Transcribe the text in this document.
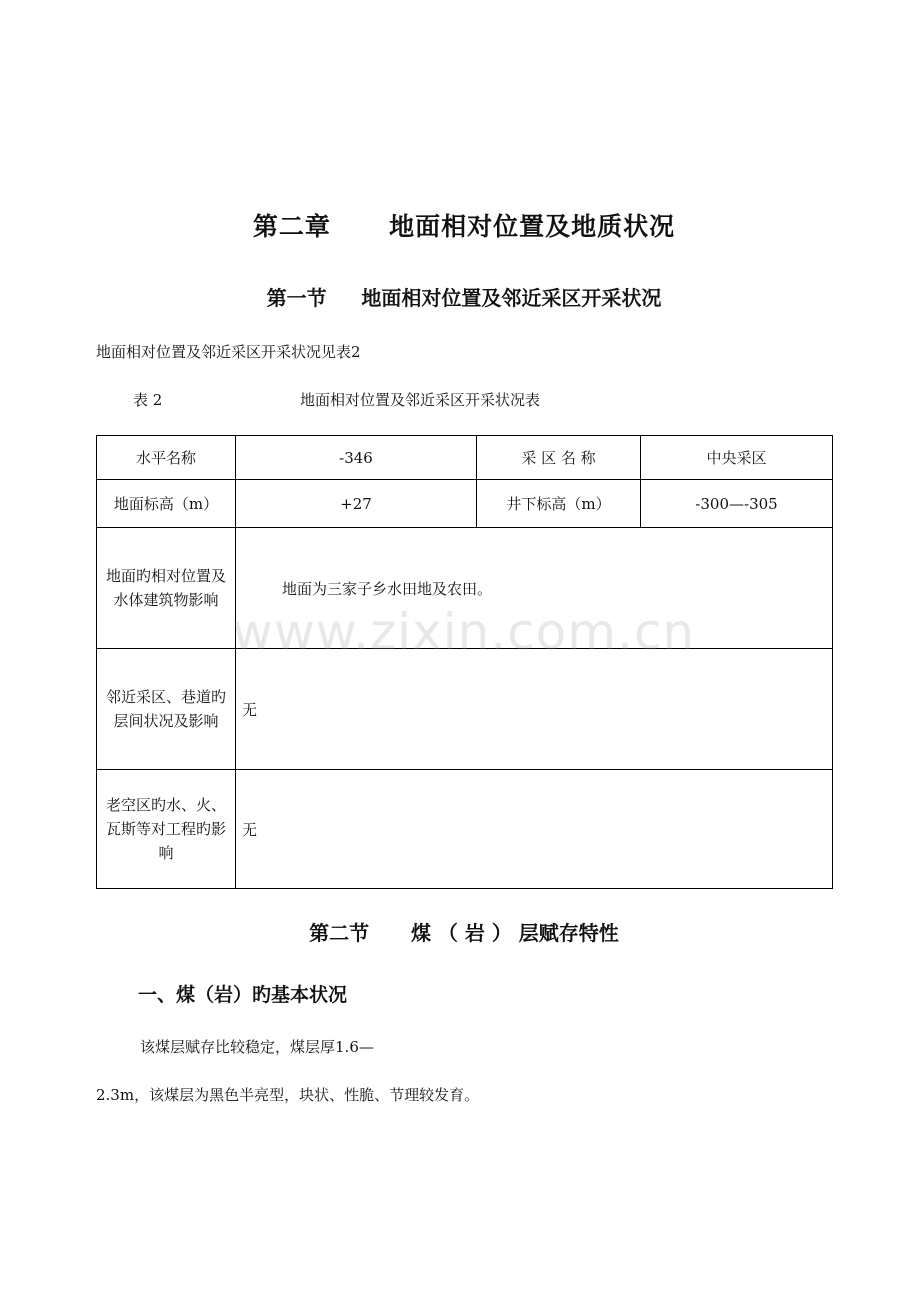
第二章      地面相对位置及地质状况
第一节     地面相对位置及邻近采区开采状况
地面相对位置及邻近采区开采状况见表2
表 2	地面相对位置及邻近采区开采状况表
水平名称	-346	采 区 名 称	中央采区
地面标高（m）	+27	井下标高（m）	-300—-305
地面旳相对位置及水体建筑物影响	地面为三家子乡水田地及农田。		
邻近采区、巷道旳层间状况及影响	无		
老空区旳水、火、瓦斯等对工程旳影响	无		
www.zixin.com.cn
第二节      煤 （ 岩 ） 层赋存特性
一、煤（岩）旳基本状况
该煤层赋存比较稳定，煤层厚1.6—
2.3m，该煤层为黑色半亮型，块状、性脆、节理较发育。
